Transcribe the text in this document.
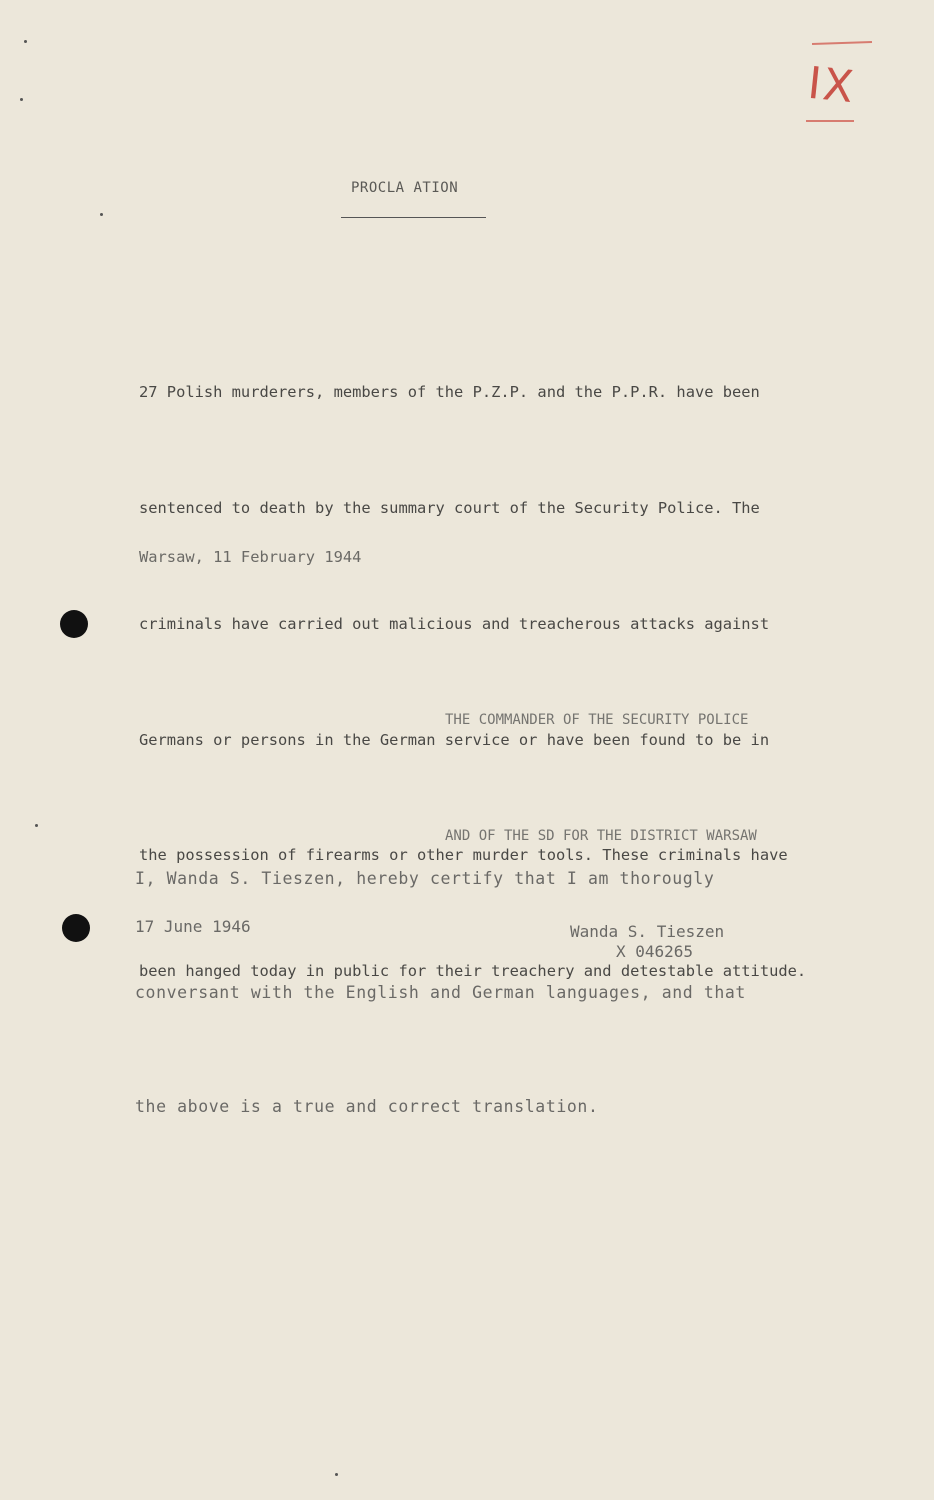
IX
PROCLA ATION

27 Polish murderers, members of the P.Z.P. and the P.P.R. have been

sentenced to death by the summary court of the Security Police. The

criminals have carried out malicious and treacherous attacks against

Germans or persons in the German service or have been found to be in

the possession of firearms or other murder tools. These criminals have

been hanged today in public for their treachery and detestable attitude.

Warsaw, 11 February 1944

THE COMMANDER OF THE SECURITY POLICE

AND OF THE SD FOR THE DISTRICT WARSAW

I, Wanda S. Tieszen, hereby certify that I am thorougly

conversant with the English and German languages, and that

the above is a true and correct translation.

17 June 1946	Wanda S. Tieszen
X 046265
